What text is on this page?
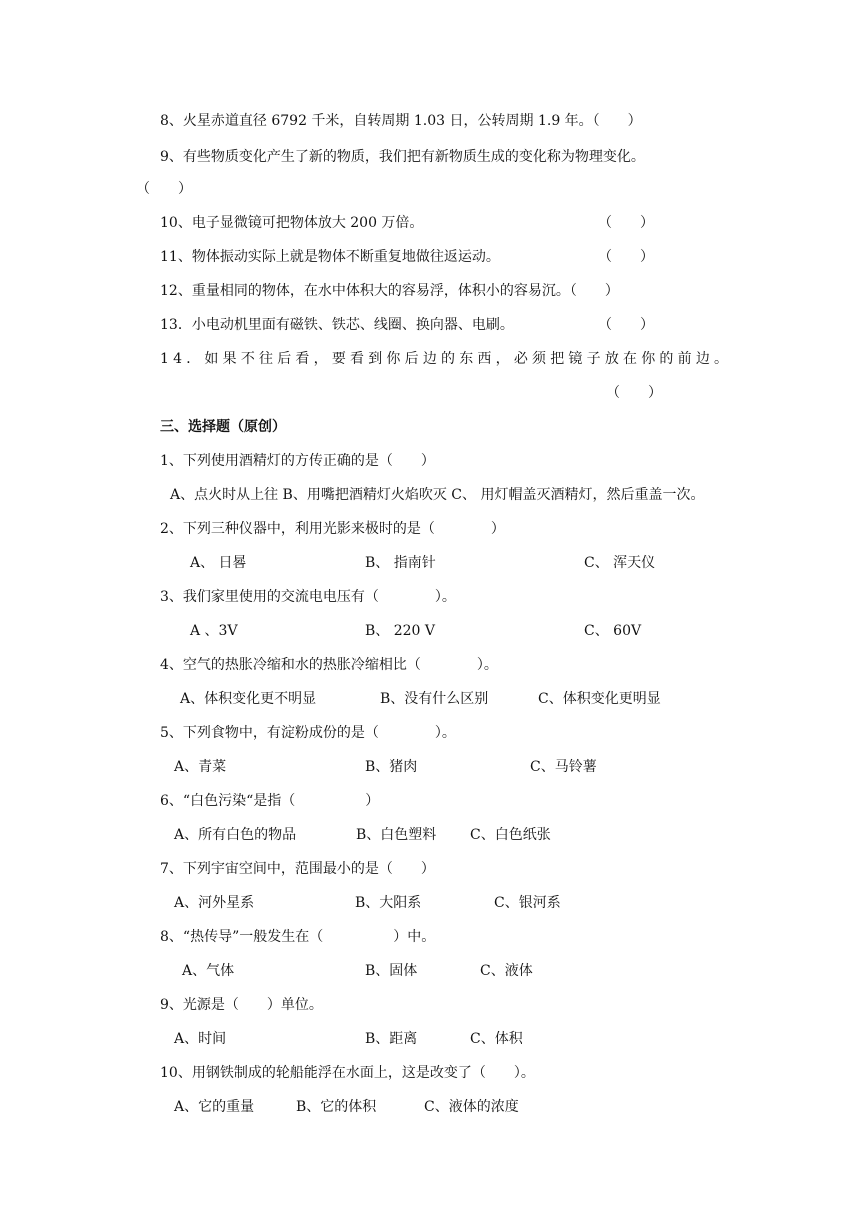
8、火星赤道直径 6792 千米，自转周期 1.03 日，公转周期 1.9 年。（　　）
9、有些物质变化产生了新的物质，我们把有新物质生成的变化称为物理变化。
（　　）
10、电子显微镜可把物体放大 200 万倍。	（　　）
11、物体振动实际上就是物体不断重复地做往返运动。	（　　）
12、重量相同的物体，在水中体积大的容易浮，体积小的容易沉。（　　）
13．小电动机里面有磁铁、铁芯、线圈、换向器、电刷。	（　　）
14．如果不往后看，要看到你后边的东西，必须把镜子放在你的前边。
（　　）
三、选择题（原创）
1、下列使用酒精灯的方传正确的是（　　）
A、点火时从上往 B、用嘴把酒精灯火焰吹灭 C、 用灯帽盖灭酒精灯，然后重盖一次。
2、下列三种仪器中，利用光影来极时的是（　　　　）
A、 日晷	B、 指南针	C、 浑天仪
3、我们家里使用的交流电电压有（　　　　）。
A 、3V	B、 220 V	C、 60V
4、空气的热胀冷缩和水的热胀冷缩相比（　　　　）。
A、体积变化更不明显	B、没有什么区别	C、体积变化更明显
5、下列食物中，有淀粉成份的是（　　　　）。
A、青菜	B、猪肉	C、马铃薯
6、“白色污染“是指（　　　　　）
A、所有白色的物品	B、白色塑料 C、白色纸张
7、下列宇宙空间中，范围最小的是（　　）
A、河外星系	B、大阳系	C、银河系
8、“热传导”一般发生在（　　　　　）中。
A、气体	B、固体	C、液体
9、光源是（　　）单位。
A、时间	B、距离	C、体积
10、用钢铁制成的轮船能浮在水面上，这是改变了（　　）。
A、它的重量	B、它的体积	C、液体的浓度
